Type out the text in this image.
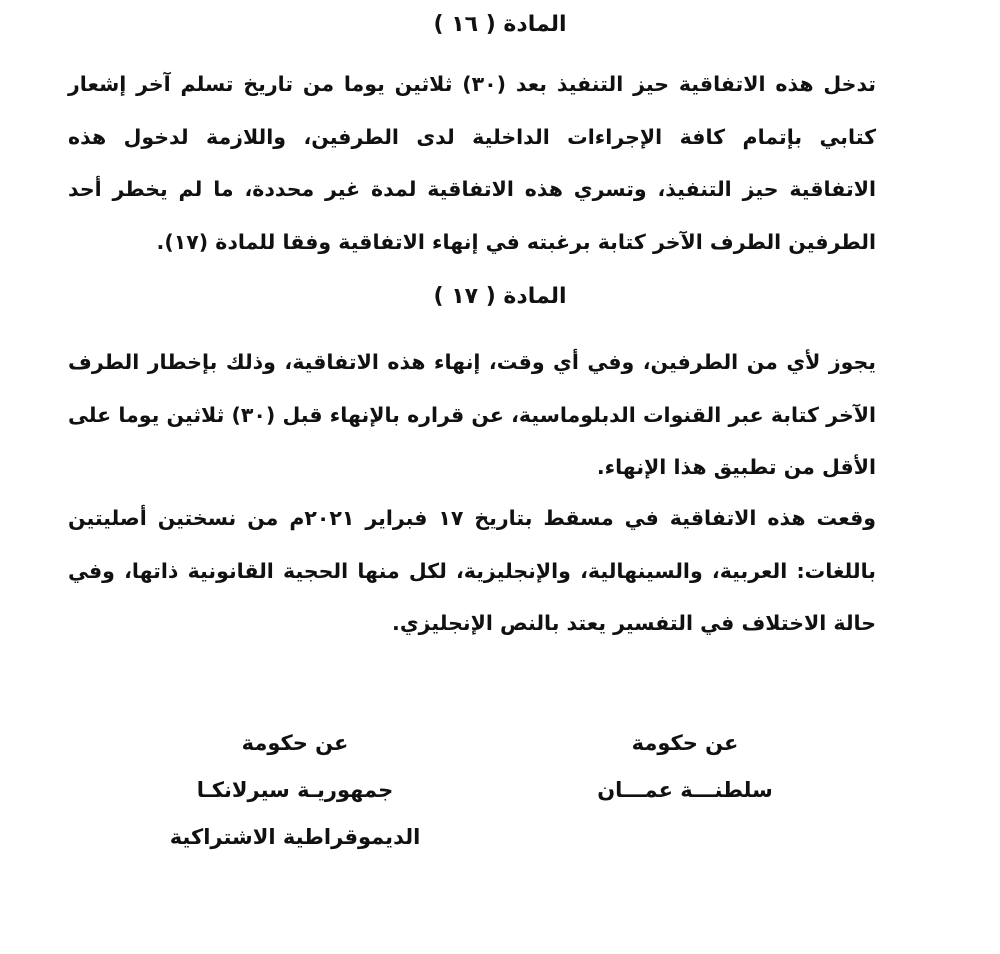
المادة ( ١٦ )
تدخل هذه الاتفاقية حيز التنفيذ بعد (٣٠) ثلاثين يوما من تاريخ تسلم آخر إشعار كتابي بإتمام كافة الإجراءات الداخلية لدى الطرفين، واللازمة لدخول هذه الاتفاقية حيز التنفيذ، وتسري هذه الاتفاقية لمدة غير محددة، ما لم يخطر أحد الطرفين الطرف الآخر كتابة برغبته في إنهاء الاتفاقية وفقا للمادة (١٧).
المادة ( ١٧ )
يجوز لأي من الطرفين، وفي أي وقت، إنهاء هذه الاتفاقية، وذلك بإخطار الطرف الآخر كتابة عبر القنوات الدبلوماسية، عن قراره بالإنهاء قبل (٣٠) ثلاثين يوما على الأقل من تطبيق هذا الإنهاء.
وقعت هذه الاتفاقية في مسقط بتاريخ ١٧ فبراير ٢٠٢١م من نسختين أصليتين باللغات: العربية، والسينهالية، والإنجليزية، لكل منها الحجية القانونية ذاتها، وفي حالة الاختلاف في التفسير يعتد بالنص الإنجليزي.
عن حكومة
سلطنـــة عمـــان
عن حكومة
جمهوريـة سيرلانكـا
الديموقراطية الاشتراكية
